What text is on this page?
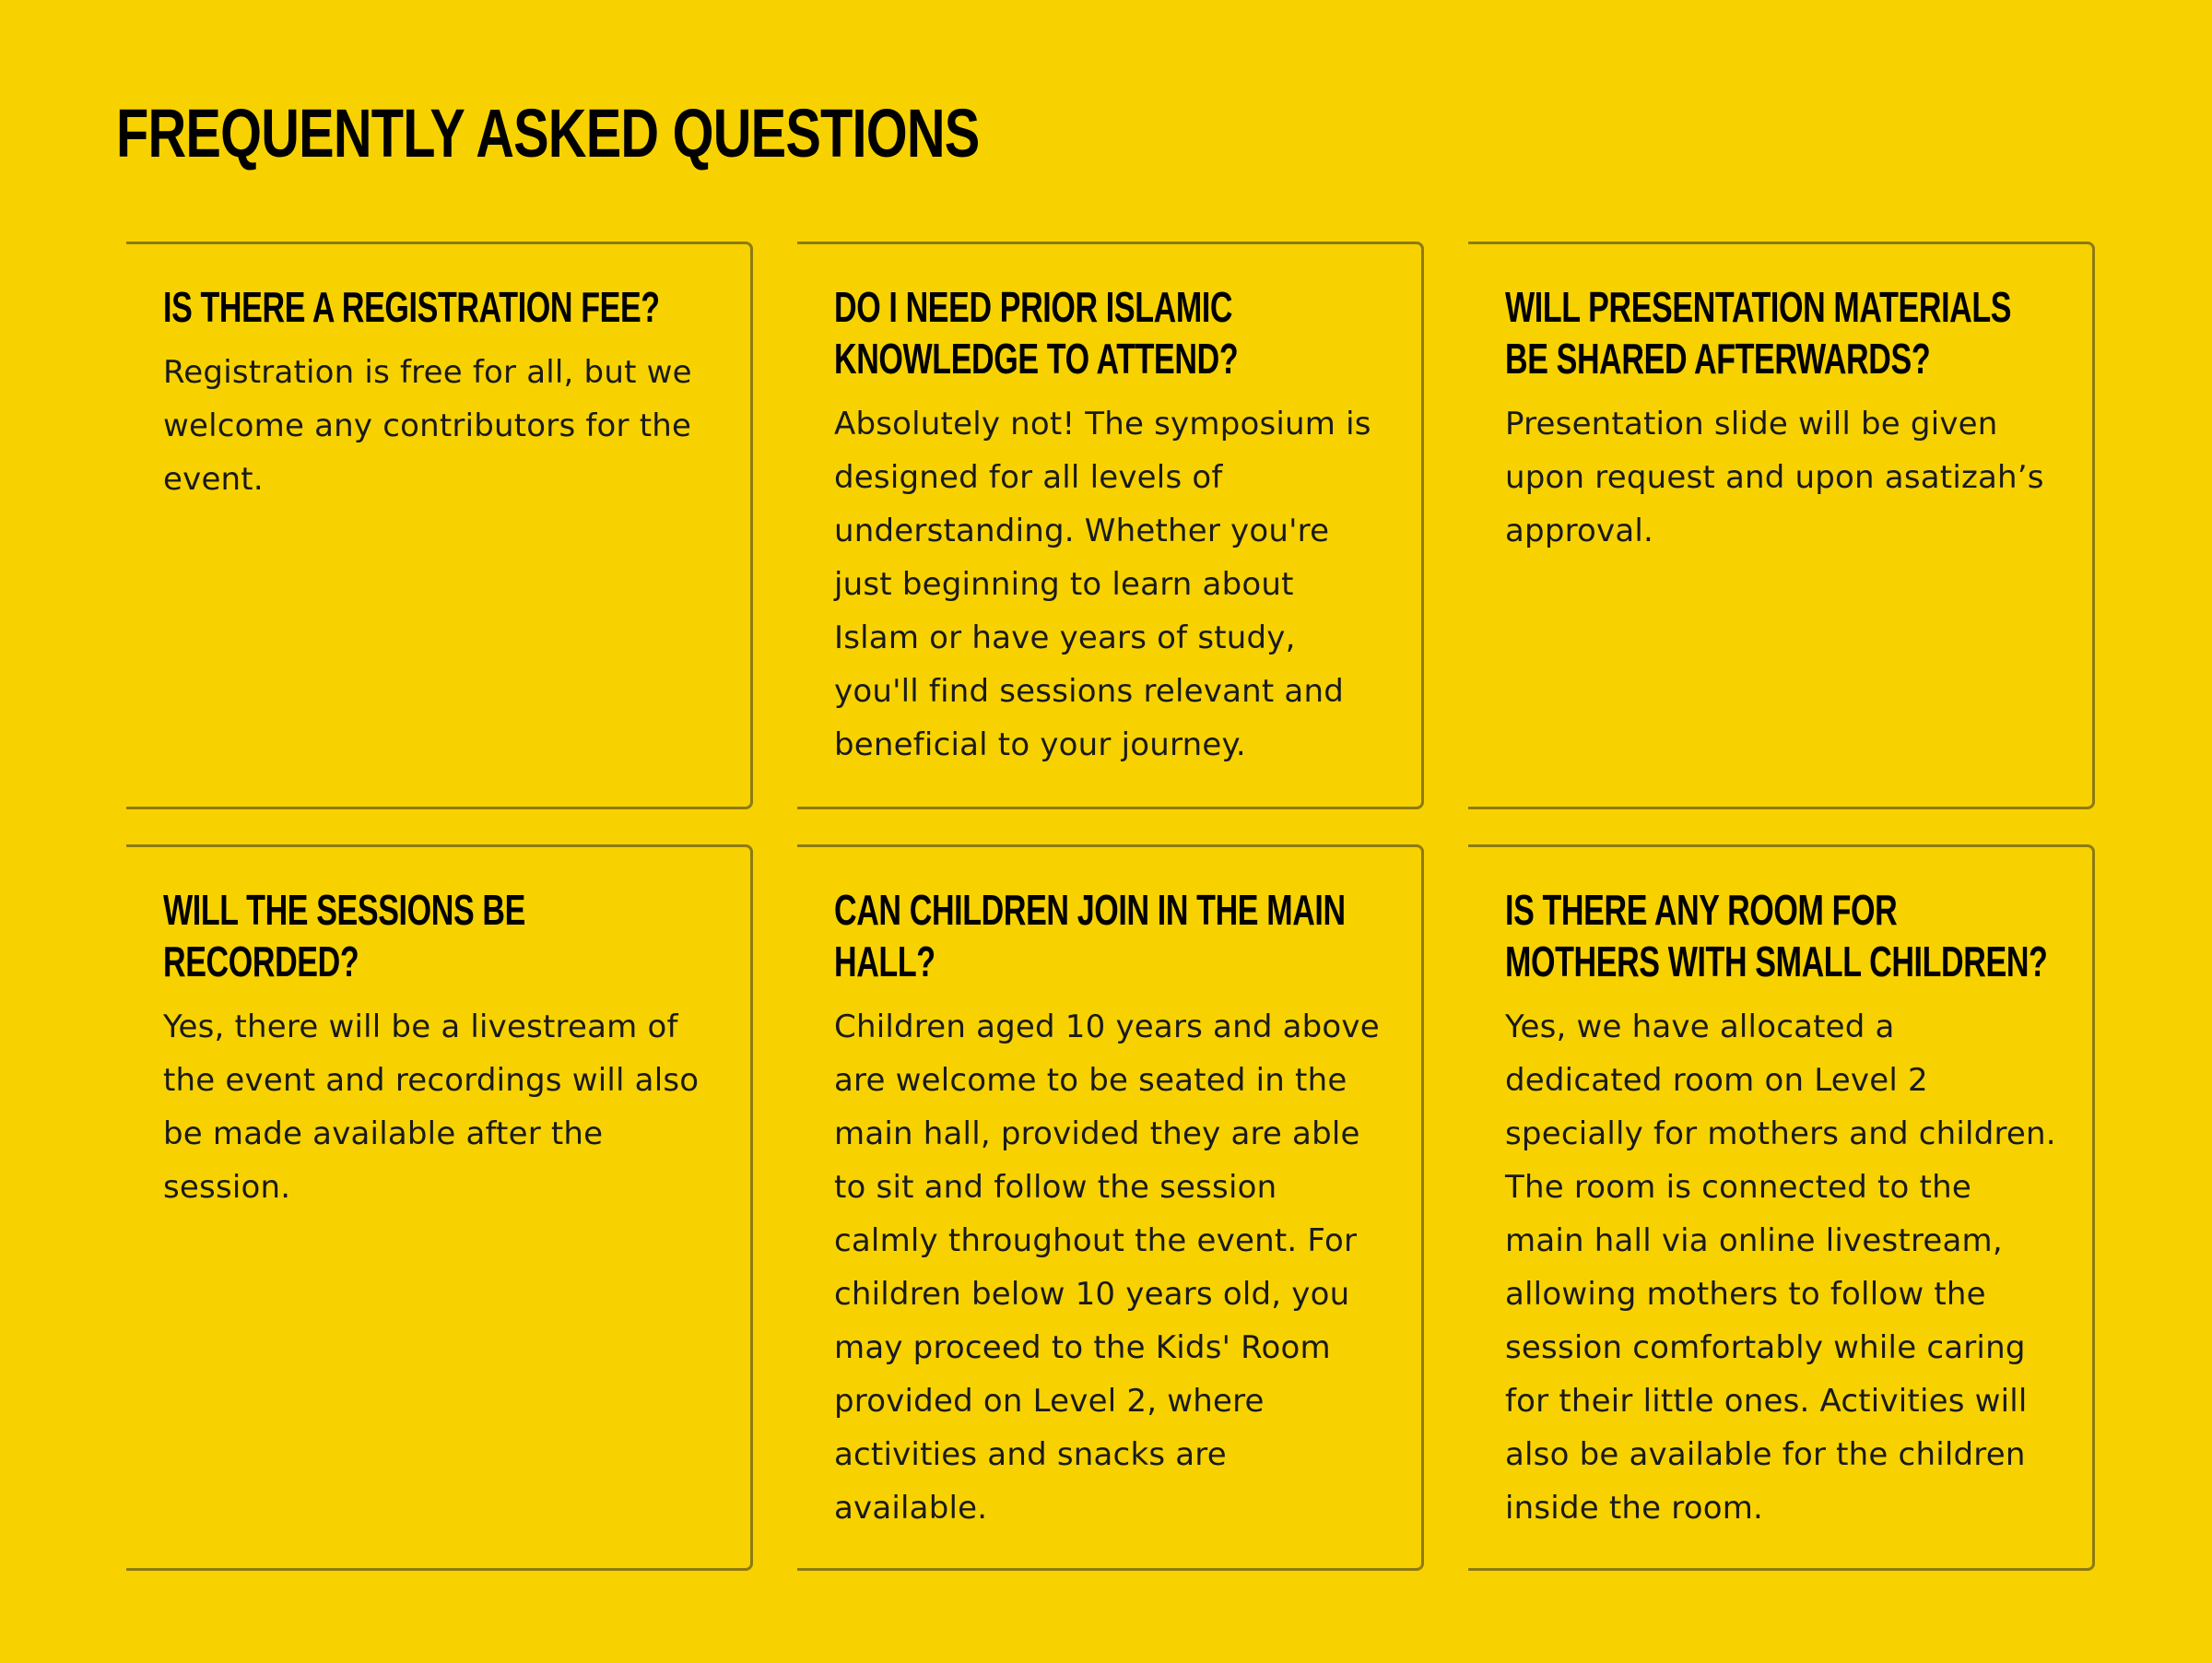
FREQUENTLY ASKED QUESTIONS
IS THERE A REGISTRATION FEE?

Registration is free for all, but we welcome any contributors for the event.

DO I NEED PRIOR ISLAMIC KNOWLEDGE TO ATTEND?

Absolutely not! The symposium is designed for all levels of understanding. Whether you're just beginning to learn about Islam or have years of study, you'll find sessions relevant and beneficial to your journey.

WILL PRESENTATION MATERIALS BE SHARED AFTERWARDS?

Presentation slide will be given upon request and upon asatizah’s approval.

WILL THE SESSIONS BE RECORDED?

Yes, there will be a livestream of the event and recordings will also be made available after the session.

CAN CHILDREN JOIN IN THE MAIN HALL?

Children aged 10 years and above are welcome to be seated in the main hall, provided they are able to sit and follow the session calmly throughout the event. For children below 10 years old, you may proceed to the Kids' Room provided on Level 2, where activities and snacks are available.

IS THERE ANY ROOM FOR MOTHERS WITH SMALL CHILDREN?

Yes, we have allocated a dedicated room on Level 2 specially for mothers and children. The room is connected to the main hall via online livestream, allowing mothers to follow the session comfortably while caring for their little ones. Activities will also be available for the children inside the room.
